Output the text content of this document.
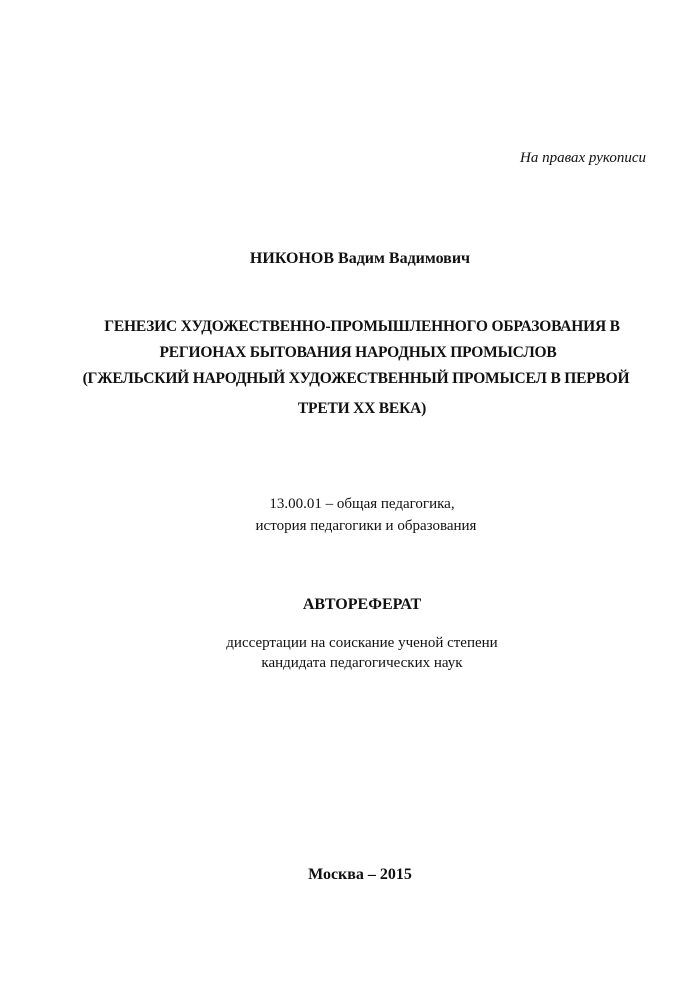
На правах рукописи
НИКОНОВ Вадим Вадимович
ГЕНЕЗИС ХУДОЖЕСТВЕННО-ПРОМЫШЛЕННОГО ОБРАЗОВАНИЯ В
РЕГИОНАХ БЫТОВАНИЯ НАРОДНЫХ ПРОМЫСЛОВ
(ГЖЕЛЬСКИЙ НАРОДНЫЙ ХУДОЖЕСТВЕННЫЙ ПРОМЫСЕЛ В ПЕРВОЙ
ТРЕТИ XX ВЕКА)
13.00.01 – общая педагогика,
история педагогики и образования
АВТОРЕФЕРАТ
диссертации на соискание ученой степени
кандидата педагогических наук
Москва – 2015
